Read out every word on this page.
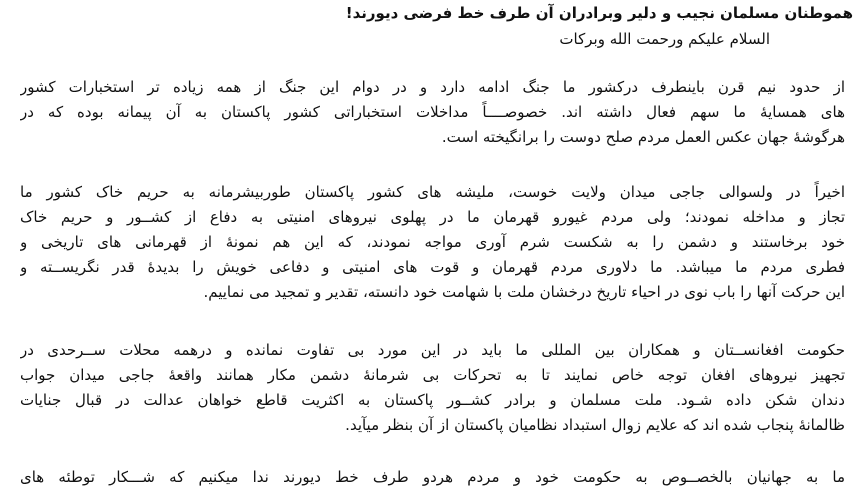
هموطنان مسلمان نجیب و دلیر وبرادران آن طرف خط فرضی دیورند!
السلام علیکم ورحمت الله وبرکات
از حدود نیم قرن باینطرف درکشور ما جنگ ادامه دارد و در دوام این جنگ از همه زیاده تر استخبارات کشور
های همسایهٔ ما سهم فعال داشته اند. خصوصــــاً مداخلات استخباراتی کشور پاکستان به آن پیمانه بوده که در
هرگوشهٔ جهان عکس العمل مردم صلح دوست را برانگیخته است.
اخیراً در ولسوالی جاجی میدان ولایت خوست، ملیشه های کشور پاکستان طوربیشرمانه به حریم خاک کشور ما
تجاز و مداخله نمودند؛ ولی مردم غیورو قهرمان ما در پهلوی نیروهای امنیتی به دفاع از کشــور و حریم خاک
خود برخاستند و دشمن را به شکست شرم آوری مواجه نمودند، که این هم نمونهٔ از قهرمانی های تاریخی و
فطری مردم ما میباشد. ما دلاوری مردم قهرمان و قوت های امنیتی و دفاعی خویش را بدیدهٔ قدر نگریســته و
این حرکت آنها را باب نوی در احیاء تاریخ درخشان ملت با شهامت خود دانسته، تقدیر و تمجید می نماییم.
حکومت افغانســتان و همکاران بین المللی ما باید در این مورد بی تفاوت نمانده و درهمه محلات ســرحدی در
تجهیز نیروهای افغان توجه خاص نمایند تا به تحرکات بی شرمانهٔ دشمن مکار همانند واقعهٔ جاجی میدان جواب
دندان شکن داده شـود. ملت مسلمان و برادر کشــور پاکستان به اکثریت قاطع خواهان عدالت در قبال جنایات
ظالمانهٔ پنجاب شده اند که علایم زوال استبداد نظامیان پاکستان از آن بنظر میآید.
ما به جهانیان بالخصــوص به حکومت خود و مردم هردو طرف خط دیورند ندا میکنیم که شـــکار توطئه های
